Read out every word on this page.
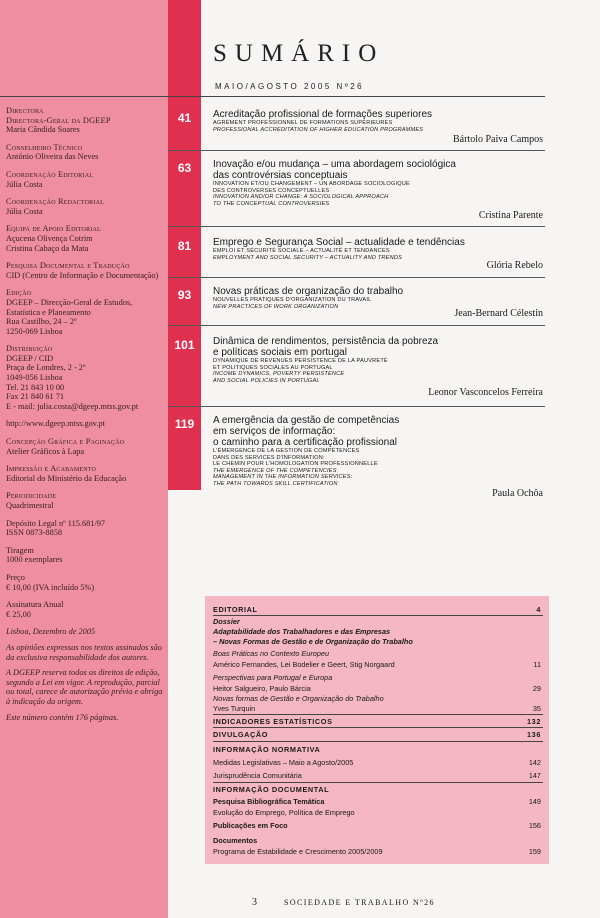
SUMÁRIO
MAIO/AGOSTO 2005 Nº26
Directora
Directora-Geral da DGEEP
Maria Cândida Soares
Conselheiro Técnico
António Oliveira das Neves
Coordenação Editorial
Júlia Costa
Coordenação Redactorial
Júlia Costa
Equipa de Apoio Editorial
Açucena Olivença Cotrim
Cristina Cabaço da Mata
Pesquisa Documental e Tradução
CID (Centro de Informação e Documentação)
Edição
DGEEP – Direcção-Geral de Estudos, Estatística e Planeamento
Rua Castilho, 24 – 2º
1250-069 Lisboa
Distribuição
DGEEP / CID
Praça de Londres, 2 - 2º
1049-056 Lisboa
Tel. 21 843 10 00
Fax 21 840 61 71
E - mail: julia.costa@dgeep.mtss.gov.pt
http://www.dgeep.mtss.gov.pt
Concepção Gráfica e Paginação
Atelier Gráficos à Lapa
Impressão e Acabamento
Editorial do Ministério da Educação
Periodicidade
Quadrimestral
Depósito Legal nº 115.681/97
ISSN 0873-8858
Tiragem
1000 exemplares
Preço
€ 10,00 (IVA incluído 5%)
Assinatura Anual
€ 25,00
Lisboa, Dezembro de 2005
As opiniões expressas nos textos assinados são da exclusiva responsabilidade dos autores.
A DGEEP reserva todos os direitos de edição, segundo a Lei em vigor. A reprodução, parcial ou total, carece de autorização prévia e obriga à indicação da origem.
Este número contém 176 páginas.
41	Acreditação profissional de formações superiores
AGRÉMENT PROFESSIONNEL DE FORMATIONS SUPÉRIEURES
PROFESSIONAL ACCREDITATION OF HIGHER EDUCATION PROGRAMMES
Bártolo Paiva Campos
63	Inovação e/ou mudança – uma abordagem sociológica
das controvérsias conceptuais
INNOVATION ET/OU CHANGEMENT – UN ABORDAGE SOCIOLOGIQUE
DES CONTROVERSES CONCEPTUELLES
INNOVATION AND/OR CHANGE: A SOCIOLOGICAL APPROACH
TO THE CONCEPTUAL CONTROVERSIES
Cristina Parente
81	Emprego e Segurança Social – actualidade e tendências
EMPLOI ET SÉCURITÉ SOCIALE – ACTUALITÉ ET TENDANCES
EMPLOYMENT AND SOCIAL SECURITY – ACTUALITY AND TRENDS
Glória Rebelo
93	Novas práticas de organização do trabalho
NOUVELLES PRATIQUES D'ORGANIZATION DU TRAVAIL
NEW PRACTICES OF WORK ORGANIZATION
Jean-Bernard Célestin
101	Dinâmica de rendimentos, persistência da pobreza
e políticas sociais em portugal
DYNAMIQUE DE REVENUES PERSISTENCE DE LA PAUVRETÉ
ET POLITIQUES SOCIALES AU PORTUGAL
INCOME DYNAMICS, POVERTY PERSISTENCE
AND SOCIAL POLICIES IN PORTUGAL
Leonor Vasconcelos Ferreira
119	A emergência da gestão de competências
em serviços de informação:
o caminho para a certificação profissional
L'ÉMERGENCE DE LA GESTION DE COMPÉTENCES
DANS DES SERVICES D'INFORMATION:
LE CHEMIN POUR L'HOMOLOGATION PROFESSIONNELLE
THE EMERGENCE OF THE COMPETENCIES
MANAGEMENT IN THE INFORMATION SERVICES:
THE PATH TOWARDS SKILL CERTIFICATION
Paula Ochôa
EDITORIAL	4
Dossier
Adaptabilidade dos Trabalhadores e das Empresas
– Novas Formas de Gestão e de Organização do Trabalho
Boas Práticas no Contexto Europeu
Américo Fernandes, Lei Bodelier e Geert, Stig Norgaard	11
Perspectivas para Portugal e Europa
Heitor Salgueiro, Paulo Bárcia	29
Novas formas de Gestão e Organização do Trabalho
Yves Turquin	35
INDICADORES ESTATÍSTICOS	132
DIVULGAÇÃO	136
INFORMAÇÃO NORMATIVA
Medidas Legislativas – Maio a Agosto/2005	142
Jurisprudência Comunitária	147
INFORMAÇÃO DOCUMENTAL
Pesquisa Bibliográfica Temática	149
Evolução do Emprego, Política de Emprego
Publicações em Foco	156
Documentos
Programa de Estabilidade e Crescimento 2005/2009	159
3	SOCIEDADE E TRABALHO Nº26
